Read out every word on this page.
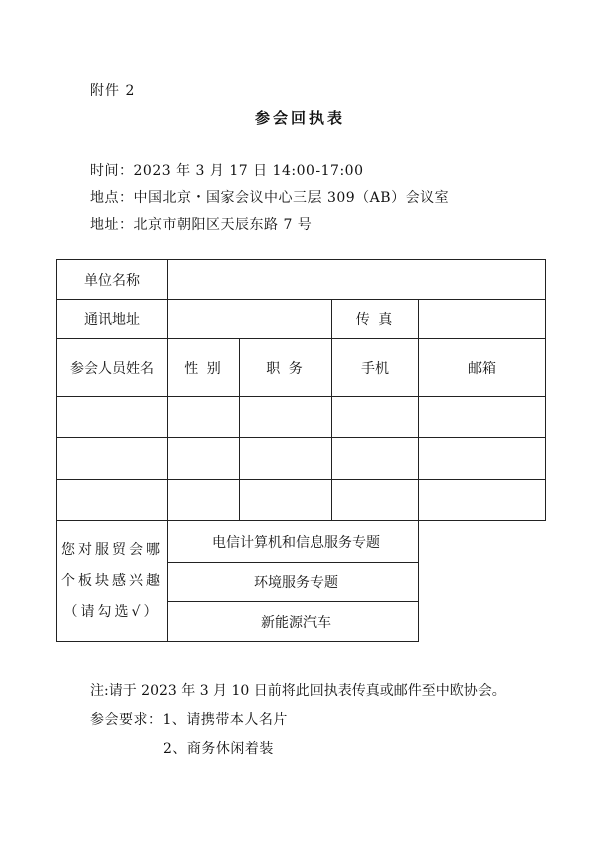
附件 2
参会回执表
时间：2023 年 3 月 17 日 14:00-17:00
地点：中国北京・国家会议中心三层 309（AB）会议室
地址：北京市朝阳区天辰东路 7 号
单位名称				
通讯地址			传 真	
参会人员姓名	性 别	职 务	手机	邮箱

您对服贸会哪个板块感兴趣（请勾选√）	电信计算机和信息服务专题			
	环境服务专题			
	新能源汽车			
注:请于 2023 年 3 月 10 日前将此回执表传真或邮件至中欧协会。
参会要求：1、请携带本人名片
2、商务休闲着装
